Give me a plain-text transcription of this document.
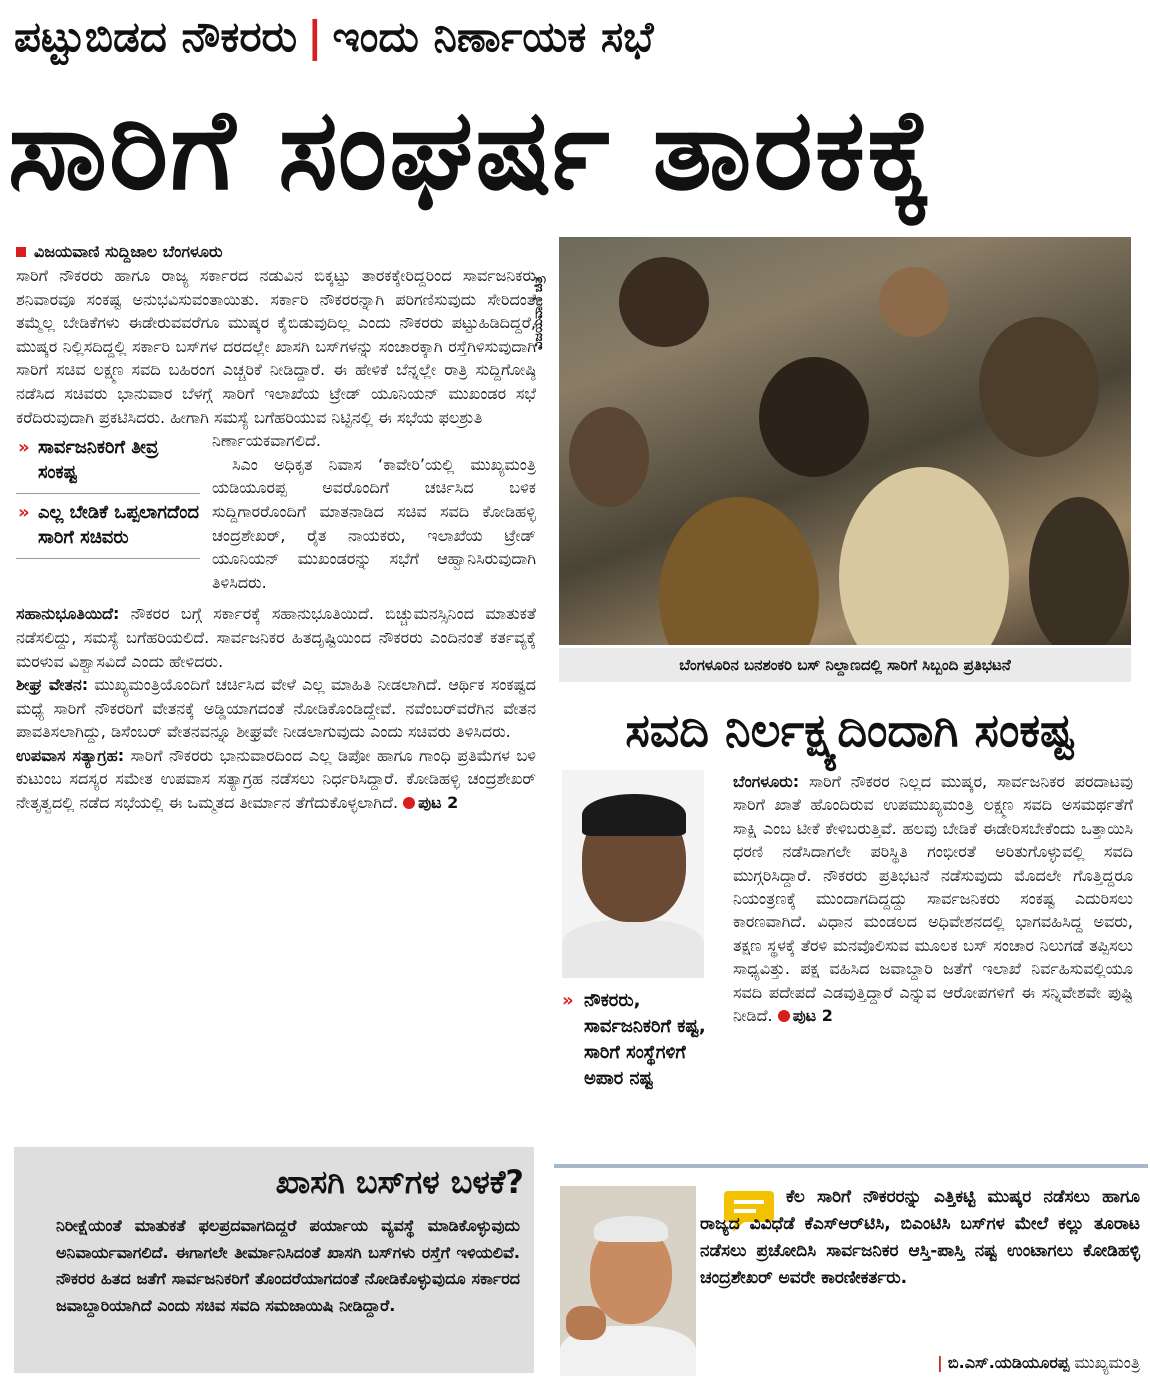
ಪಟ್ಟುಬಿಡದ ನೌಕರರು | ಇಂದು ನಿರ್ಣಾಯಕ ಸಭೆ
ಸಾರಿಗೆ ಸಂಘರ್ಷ ತಾರಕಕ್ಕೆ
ವಿಜಯವಾಣಿ ಸುದ್ದಿಜಾಲ ಬೆಂಗಳೂರು

ಸಾರಿಗೆ ನೌಕರರು ಹಾಗೂ ರಾಜ್ಯ ಸರ್ಕಾರದ ನಡುವಿನ ಬಿಕ್ಕಟ್ಟು ತಾರಕಕ್ಕೇರಿದ್ದರಿಂದ ಸಾರ್ವಜನಿಕರು ಶನಿವಾರವೂ ಸಂಕಷ್ಟ ಅನುಭವಿಸುವಂತಾಯಿತು. ಸರ್ಕಾರಿ ನೌಕರರನ್ನಾಗಿ ಪರಿಗಣಿಸುವುದು ಸೇರಿದಂತೆ ತಮ್ಮೆಲ್ಲ ಬೇಡಿಕೆಗಳು ಈಡೇರುವವರೆಗೂ ಮುಷ್ಕರ ಕೈಬಿಡುವುದಿಲ್ಲ ಎಂದು ನೌಕರರು ಪಟ್ಟುಹಿಡಿದಿದ್ದರೆ, ಮುಷ್ಕರ ನಿಲ್ಲಿಸದಿದ್ದಲ್ಲಿ ಸರ್ಕಾರಿ ಬಸ್‌ಗಳ ದರದಲ್ಲೇ ಖಾಸಗಿ ಬಸ್‌ಗಳನ್ನು ಸಂಚಾರಕ್ಕಾಗಿ ರಸ್ತೆಗಿಳಿಸುವುದಾಗಿ ಸಾರಿಗೆ ಸಚಿವ ಲಕ್ಷ್ಮಣ ಸವದಿ ಬಹಿರಂಗ ಎಚ್ಚರಿಕೆ ನೀಡಿದ್ದಾರೆ. ಈ ಹೇಳಿಕೆ ಬೆನ್ನಲ್ಲೇ ರಾತ್ರಿ ಸುದ್ದಿಗೋಷ್ಠಿ ನಡೆಸಿದ ಸಚಿವರು ಭಾನುವಾರ ಬೆಳಗ್ಗೆ ಸಾರಿಗೆ ಇಲಾಖೆಯ ಟ್ರೇಡ್ ಯೂನಿಯನ್ ಮುಖಂಡರ ಸಭೆ ಕರೆದಿರುವುದಾಗಿ ಪ್ರಕಟಿಸಿದರು. ಹೀಗಾಗಿ ಸಮಸ್ಯೆ ಬಗೆಹರಿಯುವ ನಿಟ್ಟಿನಲ್ಲಿ ಈ ಸಭೆಯ ಫಲಶ್ರುತಿ

» ಸಾರ್ವಜನಿಕರಿಗೆ ತೀವ್ರ ಸಂಕಷ್ಟ
» ಎಲ್ಲ ಬೇಡಿಕೆ ಒಪ್ಪಲಾಗದೆಂದ ಸಾರಿಗೆ ಸಚಿವರು

ನಿರ್ಣಾಯಕವಾಗಲಿದೆ.

ಸಿಎಂ ಅಧಿಕೃತ ನಿವಾಸ ‘ಕಾವೇರಿ’ಯಲ್ಲಿ ಮುಖ್ಯಮಂತ್ರಿ ಯಡಿಯೂರಪ್ಪ ಅವರೊಂದಿಗೆ ಚರ್ಚಿಸಿದ ಬಳಿಕ ಸುದ್ದಿಗಾರರೊಂದಿಗೆ ಮಾತನಾಡಿದ ಸಚಿವ ಸವದಿ ಕೋಡಿಹಳ್ಳಿ ಚಂದ್ರಶೇಖರ್, ರೈತ ನಾಯಕರು, ಇಲಾಖೆಯ ಟ್ರೇಡ್ ಯೂನಿಯನ್ ಮುಖಂಡರನ್ನು ಸಭೆಗೆ ಆಹ್ವಾನಿಸಿರುವುದಾಗಿ ತಿಳಿಸಿದರು.

ಸಹಾನುಭೂತಿಯಿದೆ: ನೌಕರರ ಬಗ್ಗೆ ಸರ್ಕಾರಕ್ಕೆ ಸಹಾನುಭೂತಿಯಿದೆ. ಬಿಚ್ಚುಮನಸ್ಸಿನಿಂದ ಮಾತುಕತೆ ನಡೆಸಲಿದ್ದು, ಸಮಸ್ಯೆ ಬಗೆಹರಿಯಲಿದೆ. ಸಾರ್ವಜನಿಕರ ಹಿತದೃಷ್ಟಿಯಿಂದ ನೌಕರರು ಎಂದಿನಂತೆ ಕರ್ತವ್ಯಕ್ಕೆ ಮರಳುವ ವಿಶ್ವಾಸವಿದೆ ಎಂದು ಹೇಳಿದರು.

ಶೀಘ್ರ ವೇತನ: ಮುಖ್ಯಮಂತ್ರಿಯೊಂದಿಗೆ ಚರ್ಚಿಸಿದ ವೇಳೆ ಎಲ್ಲ ಮಾಹಿತಿ ನೀಡಲಾಗಿದೆ. ಆರ್ಥಿಕ ಸಂಕಷ್ಟದ ಮಧ್ಯೆ ಸಾರಿಗೆ ನೌಕರರಿಗೆ ವೇತನಕ್ಕೆ ಅಡ್ಡಿಯಾಗದಂತೆ ನೋಡಿಕೊಂಡಿದ್ದೇವೆ. ನವೆಂಬರ್‌ವರೆಗಿನ ವೇತನ ಪಾವತಿಸಲಾಗಿದ್ದು, ಡಿಸೆಂಬರ್ ವೇತನವನ್ನೂ ಶೀಘ್ರವೇ ನೀಡಲಾಗುವುದು ಎಂದು ಸಚಿವರು ತಿಳಿಸಿದರು.

ಉಪವಾಸ ಸತ್ಯಾಗ್ರಹ: ಸಾರಿಗೆ ನೌಕರರು ಭಾನುವಾರದಿಂದ ಎಲ್ಲ ಡಿಪೋ ಹಾಗೂ ಗಾಂಧಿ ಪ್ರತಿಮೆಗಳ ಬಳಿ ಕುಟುಂಬ ಸದಸ್ಯರ ಸಮೇತ ಉಪವಾಸ ಸತ್ಯಾಗ್ರಹ ನಡೆಸಲು ನಿರ್ಧರಿಸಿದ್ದಾರೆ. ಕೋಡಿಹಳ್ಳಿ ಚಂದ್ರಶೇಖರ್ ನೇತೃತ್ವದಲ್ಲಿ ನಡೆದ ಸಭೆಯಲ್ಲಿ ಈ ಒಮ್ಮತದ ತೀರ್ಮಾನ ತೆಗೆದುಕೊಳ್ಳಲಾಗಿದೆ. ಪುಟ 2

ವಿಜಯವಾಣಿ ಚಿತ್ರ
ಬೆಂಗಳೂರಿನ ಬನಶಂಕರಿ ಬಸ್ ನಿಲ್ದಾಣದಲ್ಲಿ ಸಾರಿಗೆ ಸಿಬ್ಬಂದಿ ಪ್ರತಿಭಟನೆ
ಸವದಿ ನಿರ್ಲಕ್ಷ್ಯದಿಂದಾಗಿ ಸಂಕಷ್ಟ
» ನೌಕರರು, ಸಾರ್ವಜನಿಕರಿಗೆ ಕಷ್ಟ, ಸಾರಿಗೆ ಸಂಸ್ಥೆಗಳಿಗೆ ಅಪಾರ ನಷ್ಟ
ಬೆಂಗಳೂರು: ಸಾರಿಗೆ ನೌಕರರ ನಿಲ್ಲದ ಮುಷ್ಕರ, ಸಾರ್ವಜನಿಕರ ಪರದಾಟವು ಸಾರಿಗೆ ಖಾತೆ ಹೊಂದಿರುವ ಉಪಮುಖ್ಯಮಂತ್ರಿ ಲಕ್ಷ್ಮಣ ಸವದಿ ಅಸಮರ್ಥತೆಗೆ ಸಾಕ್ಷಿ ಎಂಬ ಟೀಕೆ ಕೇಳಿಬರುತ್ತಿವೆ. ಹಲವು ಬೇಡಿಕೆ ಈಡೇರಿಸಬೇಕೆಂದು ಒತ್ತಾಯಿಸಿ ಧರಣಿ ನಡೆಸಿದಾಗಲೇ ಪರಿಸ್ಥಿತಿ ಗಂಭೀರತೆ ಅರಿತುಗೊಳ್ಳುವಲ್ಲಿ ಸವದಿ ಮುಗ್ಗರಿಸಿದ್ದಾರೆ. ನೌಕರರು ಪ್ರತಿಭಟನೆ ನಡೆಸುವುದು ಮೊದಲೇ ಗೊತ್ತಿದ್ದರೂ ನಿಯಂತ್ರಣಕ್ಕೆ ಮುಂದಾಗದಿದ್ದದ್ದು ಸಾರ್ವಜನಿಕರು ಸಂಕಷ್ಟ ಎದುರಿಸಲು ಕಾರಣವಾಗಿದೆ. ವಿಧಾನ ಮಂಡಲದ ಅಧಿವೇಶನದಲ್ಲಿ ಭಾಗವಹಿಸಿದ್ದ ಅವರು, ತಕ್ಷಣ ಸ್ಥಳಕ್ಕೆ ತೆರಳಿ ಮನವೊಲಿಸುವ ಮೂಲಕ ಬಸ್ ಸಂಚಾರ ನಿಲುಗಡೆ ತಪ್ಪಿಸಲು ಸಾಧ್ಯವಿತ್ತು. ಪಕ್ಷ ವಹಿಸಿದ ಜವಾಬ್ದಾರಿ ಜತೆಗೆ ಇಲಾಖೆ ನಿರ್ವಹಿಸುವಲ್ಲಿಯೂ ಸವದಿ ಪದೇಪದೆ ಎಡವುತ್ತಿದ್ದಾರೆ ಎನ್ನುವ ಆರೋಪಗಳಿಗೆ ಈ ಸನ್ನಿವೇಶವೇ ಪುಷ್ಟಿ ನೀಡಿದೆ. ಪುಟ 2
ಖಾಸಗಿ ಬಸ್‌ಗಳ ಬಳಕೆ?
ನಿರೀಕ್ಷೆಯಂತೆ ಮಾತುಕತೆ ಫಲಪ್ರದವಾಗದಿದ್ದರೆ ಪರ್ಯಾಯ ವ್ಯವಸ್ಥೆ ಮಾಡಿಕೊಳ್ಳುವುದು ಅನಿವಾರ್ಯವಾಗಲಿದೆ. ಈಗಾಗಲೇ ತೀರ್ಮಾನಿಸಿದಂತೆ ಖಾಸಗಿ ಬಸ್‌ಗಳು ರಸ್ತೆಗೆ ಇಳಿಯಲಿವೆ. ನೌಕರರ ಹಿತದ ಜತೆಗೆ ಸಾರ್ವಜನಿಕರಿಗೆ ತೊಂದರೆಯಾಗದಂತೆ ನೋಡಿಕೊಳ್ಳುವುದೂ ಸರ್ಕಾರದ ಜವಾಬ್ದಾರಿಯಾಗಿದೆ ಎಂದು ಸಚಿವ ಸವದಿ ಸಮಜಾಯಿಷಿ ನೀಡಿದ್ದಾರೆ.
ಕೆಲ ಸಾರಿಗೆ ನೌಕರರನ್ನು ಎತ್ತಿಕಟ್ಟಿ ಮುಷ್ಕರ ನಡೆಸಲು ಹಾಗೂ ರಾಜ್ಯದ ವಿವಿಧೆಡೆ ಕೆಎಸ್‌ಆರ್‌ಟಿಸಿ, ಬಿಎಂಟಿಸಿ ಬಸ್‌ಗಳ ಮೇಲೆ ಕಲ್ಲು ತೂರಾಟ ನಡೆಸಲು ಪ್ರಚೋದಿಸಿ ಸಾರ್ವಜನಿಕರ ಆಸ್ತಿ-ಪಾಸ್ತಿ ನಷ್ಟ ಉಂಟಾಗಲು ಕೋಡಿಹಳ್ಳಿ ಚಂದ್ರಶೇಖರ್ ಅವರೇ ಕಾರಣೀಕರ್ತರು.
| ಬಿ.ಎಸ್.ಯಡಿಯೂರಪ್ಪ ಮುಖ್ಯಮಂತ್ರಿ
